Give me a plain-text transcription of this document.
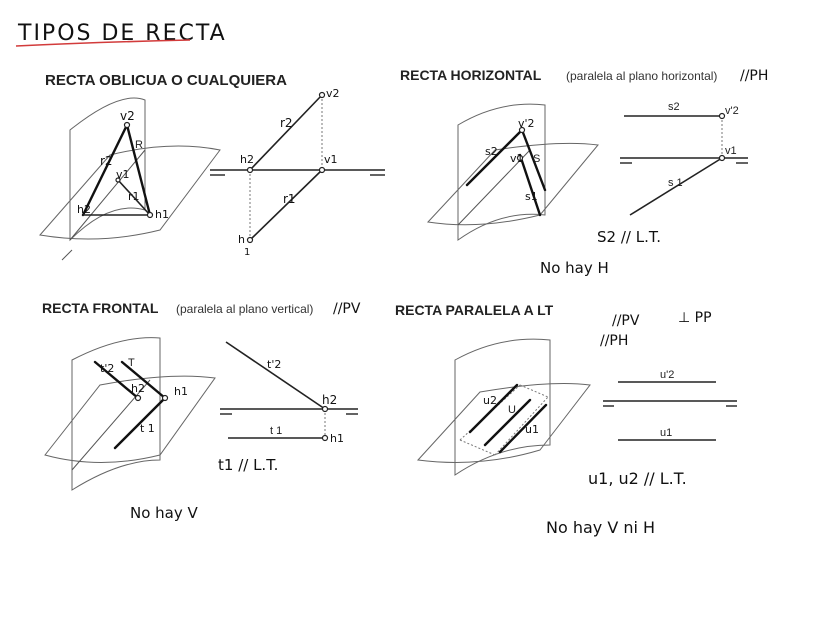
TIPOS DE RECTA
RECTA OBLICUA O CUALQUIERA
v2
R
r2
h2
v1
r1
h1
v2
r2
h2	v1
r1
h
1
RECTA HORIZONTAL (paralela al plano horizontal) //PH
v'2
s2
v1 S
s1
s2	v'2
v1
s 1
S2 // L.T.
No hay H
RECTA FRONTAL (paralela al plano vertical) //PV
t'2 T
h2	h1
t 1
t'2
h2
t 1
h1
t1 // L.T.
No hay V
RECTA PARALELA A LT
//PV	⊥ PP
//PH
u2
U
u1
u'2
u1
u1, u2 // L.T.
No hay V ni H
